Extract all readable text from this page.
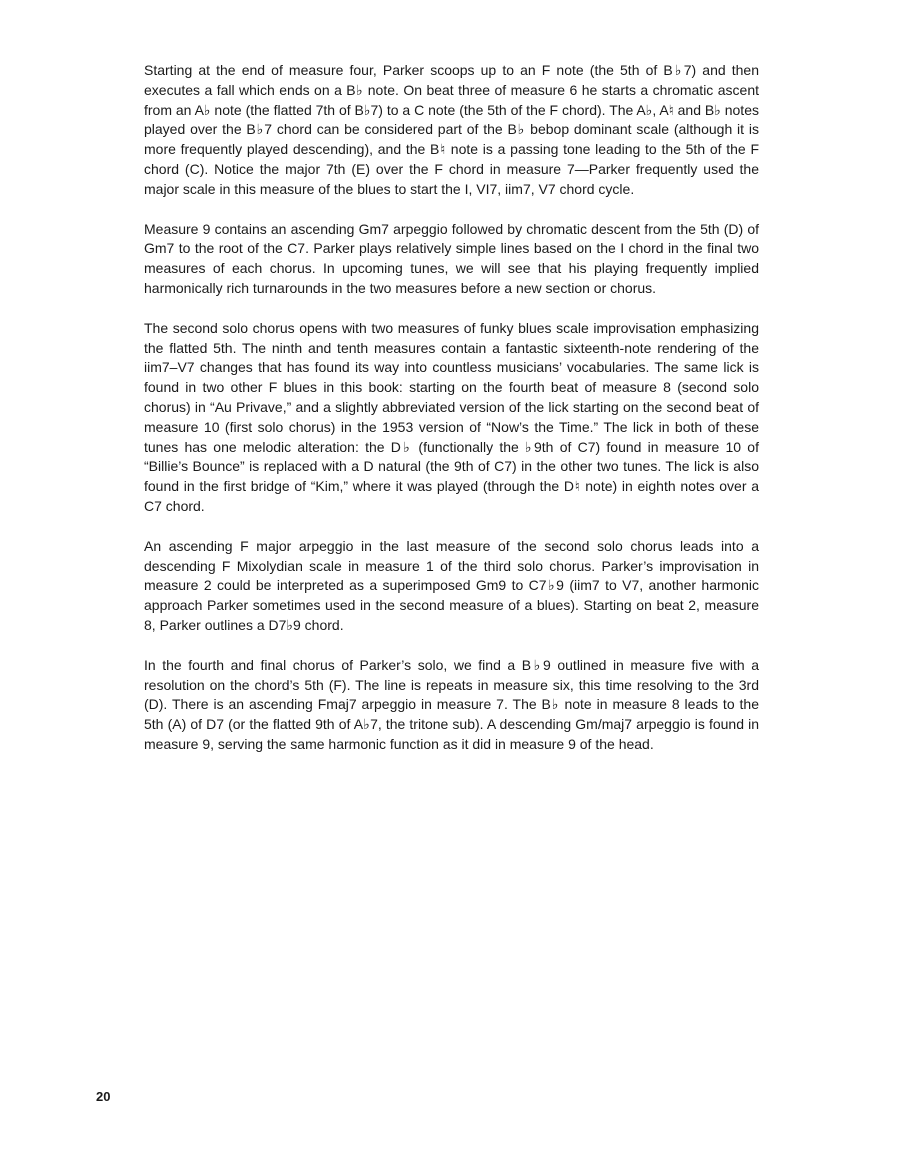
Starting at the end of measure four, Parker scoops up to an F note (the 5th of B♭7) and then executes a fall which ends on a B♭ note. On beat three of measure 6 he starts a chromatic ascent from an A♭ note (the flatted 7th of B♭7) to a C note (the 5th of the F chord). The A♭, A♮ and B♭ notes played over the B♭7 chord can be considered part of the B♭ bebop dominant scale (although it is more frequently played descending), and the B♮ note is a passing tone leading to the 5th of the F chord (C). Notice the major 7th (E) over the F chord in measure 7—Parker frequently used the major scale in this measure of the blues to start the I, VI7, iim7, V7 chord cycle.

Measure 9 contains an ascending Gm7 arpeggio followed by chromatic descent from the 5th (D) of Gm7 to the root of the C7. Parker plays relatively simple lines based on the I chord in the final two measures of each chorus. In upcoming tunes, we will see that his playing frequently implied harmonically rich turnarounds in the two measures before a new section or chorus.

The second solo chorus opens with two measures of funky blues scale improvisation emphasizing the flatted 5th. The ninth and tenth measures contain a fantastic sixteenth-note rendering of the iim7–V7 changes that has found its way into countless musicians’ vocabularies. The same lick is found in two other F blues in this book: starting on the fourth beat of measure 8 (second solo chorus) in “Au Privave,” and a slightly abbreviated version of the lick starting on the second beat of measure 10 (first solo chorus) in the 1953 version of “Now’s the Time.” The lick in both of these tunes has one melodic alteration: the D♭ (functionally the ♭9th of C7) found in measure 10 of “Billie’s Bounce” is replaced with a D natural (the 9th of C7) in the other two tunes. The lick is also found in the first bridge of “Kim,” where it was played (through the D♮ note) in eighth notes over a C7 chord.

An ascending F major arpeggio in the last measure of the second solo chorus leads into a descending F Mixolydian scale in measure 1 of the third solo chorus. Parker’s improvisation in measure 2 could be interpreted as a superimposed Gm9 to C7♭9 (iim7 to V7, another harmonic approach Parker sometimes used in the second measure of a blues). Starting on beat 2, measure 8, Parker outlines a D7♭9 chord.

In the fourth and final chorus of Parker’s solo, we find a B♭9 outlined in measure five with a resolution on the chord’s 5th (F). The line is repeats in measure six, this time resolving to the 3rd (D). There is an ascending Fmaj7 arpeggio in measure 7. The B♭ note in measure 8 leads to the 5th (A) of D7 (or the flatted 9th of A♭7, the tritone sub). A descending Gm/maj7 arpeggio is found in measure 9, serving the same harmonic function as it did in measure 9 of the head.

20
